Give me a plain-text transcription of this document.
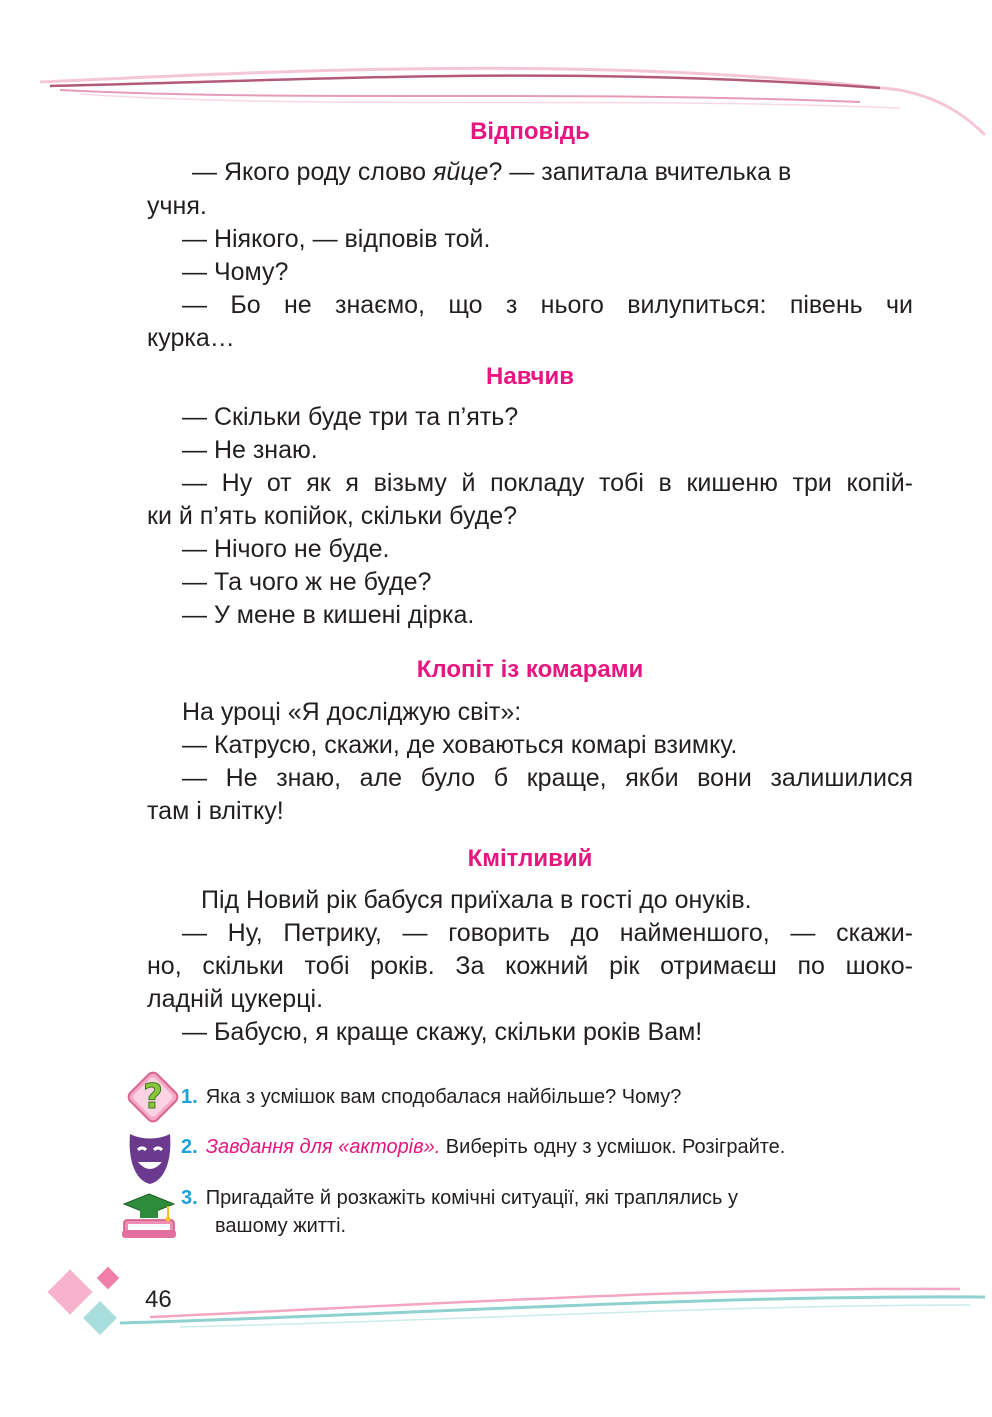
Відповідь
— Якого роду слово яйце? — запитала вчителька в
учня.
— Ніякого, — відповів той.
— Чому?
— Бо не знаємо, що з нього вилупиться: півень чи
курка…
Навчив
— Скільки буде три та п’ять?
— Не знаю.
— Ну от як я візьму й покладу тобі в кишеню три копій-
ки й п’ять копійок, скільки буде?
— Нічого не буде.
— Та чого ж не буде?
— У мене в кишені дірка.
Клопіт із комарами
На уроці «Я досліджую світ»:
— Катрусю, скажи, де ховаються комарі взимку.
— Не знаю, але було б краще, якби вони залишилися
там і влітку!
Кмітливий
Під Новий рік бабуся приїхала в гості до онуків.
— Ну, Петрику, — говорить до найменшого, — скажи-
но, скільки тобі років. За кожний рік отримаєш по шоко-
ладній цукерці.
— Бабусю, я краще скажу, скільки років Вам!
? 1. Яка з усмішок вам сподобалася найбільше? Чому?
2. Завдання для «акторів». Виберіть одну з усмішок. Розіграйте.
3. Пригадайте й розкажіть комічні ситуації, які траплялись у
вашому житті.
46
